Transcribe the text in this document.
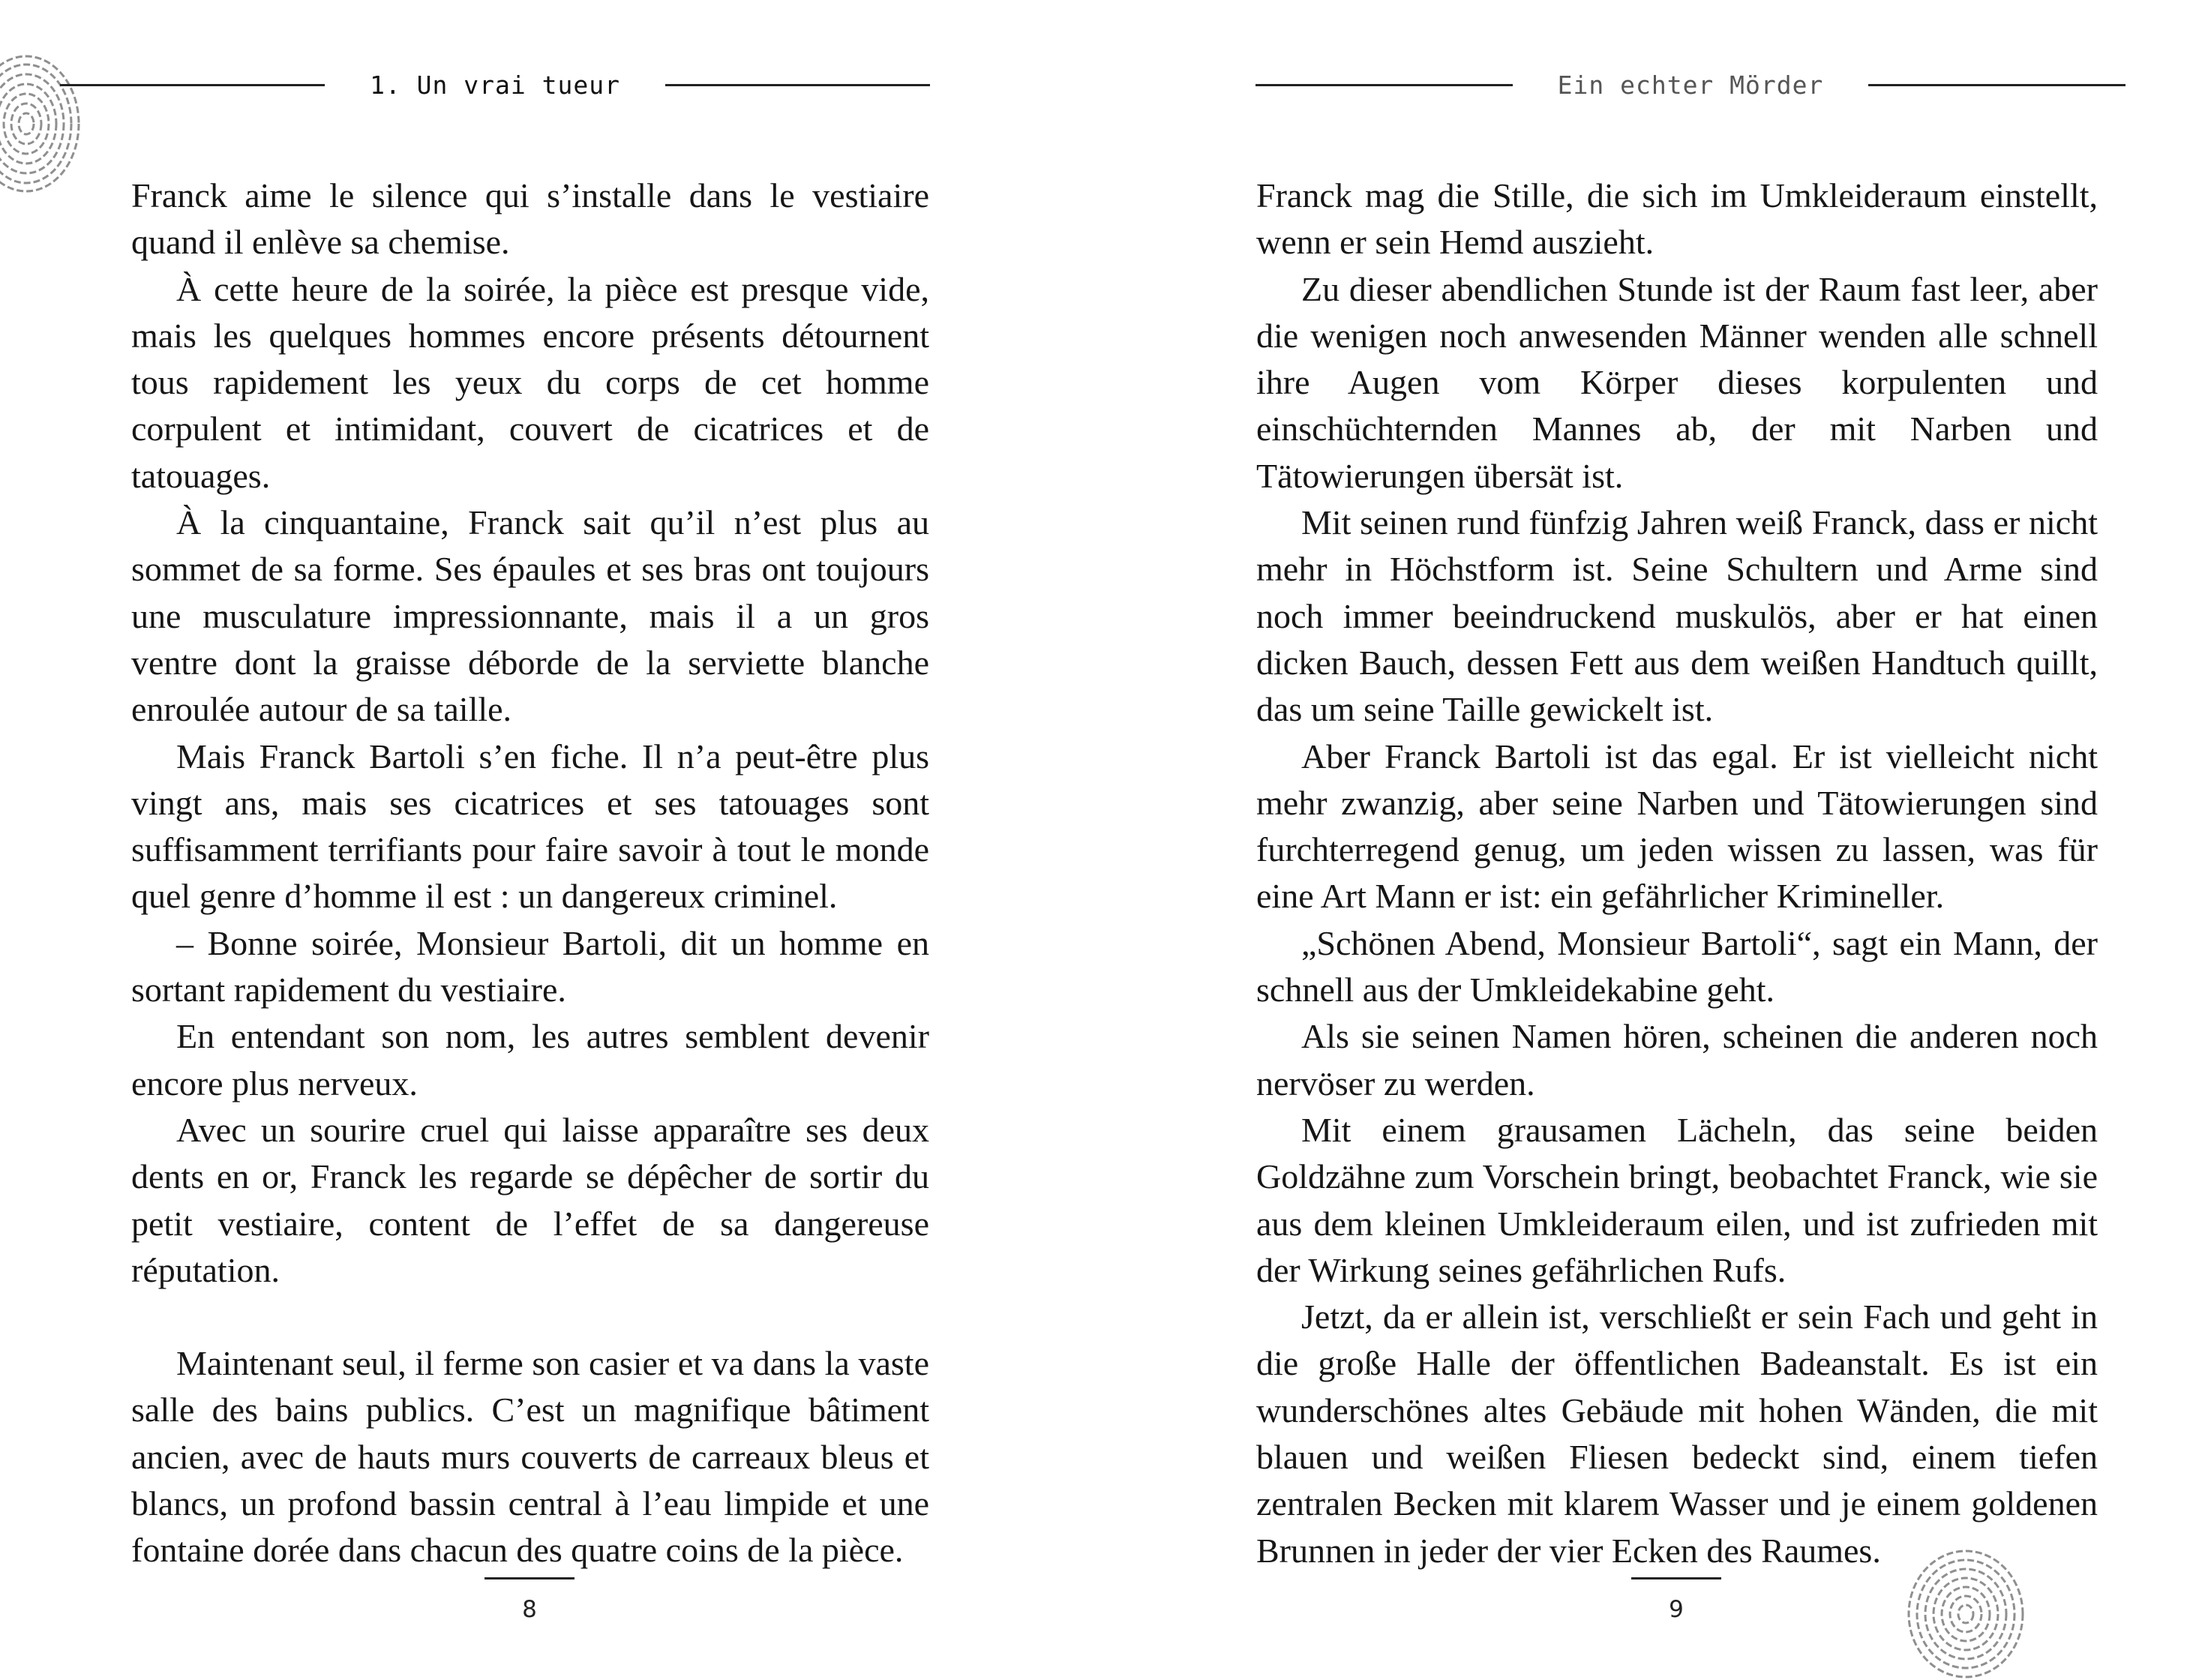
1. Un vrai tueur

Franck aime le silence qui s’installe dans le vestiaire quand il enlève sa chemise.

À cette heure de la soirée, la pièce est presque vide, mais les quelques hommes encore présents détournent tous rapidement les yeux du corps de cet homme corpulent et intimidant, couvert de cicatrices et de tatouages.

À la cinquantaine, Franck sait qu’il n’est plus au sommet de sa forme. Ses épaules et ses bras ont toujours une musculature impressionnante, mais il a un gros ventre dont la graisse déborde de la serviette blanche enroulée autour de sa taille.

Mais Franck Bartoli s’en fiche. Il n’a peut-être plus vingt ans, mais ses cicatrices et ses tatouages sont suffisamment terrifiants pour faire savoir à tout le monde quel genre d’homme il est : un dangereux criminel.

– Bonne soirée, Monsieur Bartoli, dit un homme en sortant rapidement du vestiaire.

En entendant son nom, les autres semblent devenir encore plus nerveux.

Avec un sourire cruel qui laisse apparaître ses deux dents en or, Franck les regarde se dépêcher de sortir du petit vestiaire, content de l’effet de sa dangereuse réputation.

Maintenant seul, il ferme son casier et va dans la vaste salle des bains publics. C’est un magnifique bâtiment ancien, avec de hauts murs couverts de carreaux bleus et blancs, un profond bassin central à l’eau limpide et une fontaine dorée dans chacun des quatre coins de la pièce.

8
Ein echter Mörder

Franck mag die Stille, die sich im Umkleideraum einstellt, wenn er sein Hemd auszieht.

Zu dieser abendlichen Stunde ist der Raum fast leer, aber die wenigen noch anwesenden Männer wenden alle schnell ihre Augen vom Körper dieses korpulenten und einschüchternden Mannes ab, der mit Narben und Tätowierungen übersät ist.

Mit seinen rund fünfzig Jahren weiß Franck, dass er nicht mehr in Höchstform ist. Seine Schultern und Arme sind noch immer beeindruckend muskulös, aber er hat einen dicken Bauch, dessen Fett aus dem weißen Handtuch quillt, das um seine Taille gewickelt ist.

Aber Franck Bartoli ist das egal. Er ist vielleicht nicht mehr zwanzig, aber seine Narben und Tätowierungen sind furchterregend genug, um jeden wissen zu lassen, was für eine Art Mann er ist: ein gefährlicher Krimineller.

„Schönen Abend, Monsieur Bartoli“, sagt ein Mann, der schnell aus der Umkleidekabine geht.

Als sie seinen Namen hören, scheinen die anderen noch nervöser zu werden.

Mit einem grausamen Lächeln, das seine beiden Goldzähne zum Vorschein bringt, beobachtet Franck, wie sie aus dem kleinen Umkleideraum eilen, und ist zufrieden mit der Wirkung seines gefährlichen Rufs.

Jetzt, da er allein ist, verschließt er sein Fach und geht in die große Halle der öffentlichen Badeanstalt. Es ist ein wunderschönes altes Gebäude mit hohen Wänden, die mit blauen und weißen Fliesen bedeckt sind, einem tiefen zentralen Becken mit klarem Wasser und je einem goldenen Brunnen in jeder der vier Ecken des Raumes.

9
